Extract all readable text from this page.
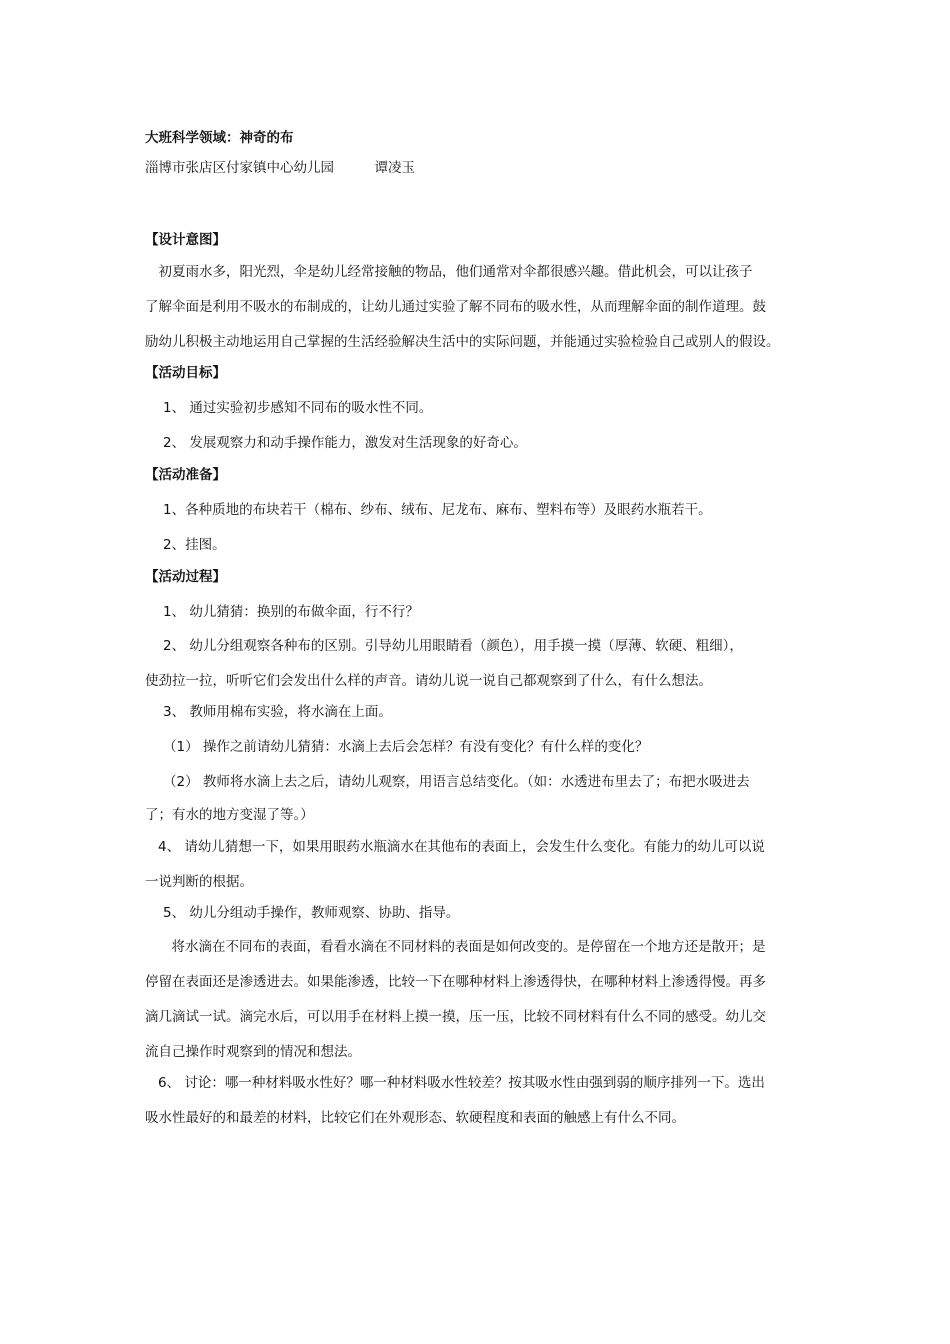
大班科学领域：神奇的布
淄博市张店区付家镇中心幼儿园　　　谭凌玉
【设计意图】
　初夏雨水多，阳光烈，伞是幼儿经常接触的物品，他们通常对伞都很感兴趣。借此机会，可以让孩子
了解伞面是利用不吸水的布制成的，让幼儿通过实验了解不同布的吸水性，从而理解伞面的制作道理。鼓
励幼儿积极主动地运用自己掌握的生活经验解决生活中的实际问题，并能通过实验检验自己或别人的假设。
【活动目标】
1、 通过实验初步感知不同布的吸水性不同。
2、 发展观察力和动手操作能力，激发对生活现象的好奇心。
【活动准备】
1、各种质地的布块若干（棉布、纱布、绒布、尼龙布、麻布、塑料布等）及眼药水瓶若干。
2、挂图。
【活动过程】
1、 幼儿猜猜：换别的布做伞面，行不行？
2、 幼儿分组观察各种布的区别。引导幼儿用眼睛看（颜色），用手摸一摸（厚薄、软硬、粗细），
使劲拉一拉，听听它们会发出什么样的声音。请幼儿说一说自己都观察到了什么，有什么想法。
3、 教师用棉布实验，将水滴在上面。
（1） 操作之前请幼儿猜猜：水滴上去后会怎样？有没有变化？有什么样的变化？
（2） 教师将水滴上去之后，请幼儿观察，用语言总结变化。（如：水透进布里去了；布把水吸进去
了；有水的地方变湿了等。）
4、 请幼儿猜想一下，如果用眼药水瓶滴水在其他布的表面上，会发生什么变化。有能力的幼儿可以说
一说判断的根据。
5、 幼儿分组动手操作，教师观察、协助、指导。
　将水滴在不同布的表面，看看水滴在不同材料的表面是如何改变的。是停留在一个地方还是散开；是
停留在表面还是渗透进去。如果能渗透，比较一下在哪种材料上渗透得快，在哪种材料上渗透得慢。再多
滴几滴试一试。滴完水后，可以用手在材料上摸一摸，压一压，比较不同材料有什么不同的感受。幼儿交
流自己操作时观察到的情况和想法。
6、 讨论：哪一种材料吸水性好？哪一种材料吸水性较差？按其吸水性由强到弱的顺序排列一下。选出
吸水性最好的和最差的材料，比较它们在外观形态、软硬程度和表面的触感上有什么不同。
